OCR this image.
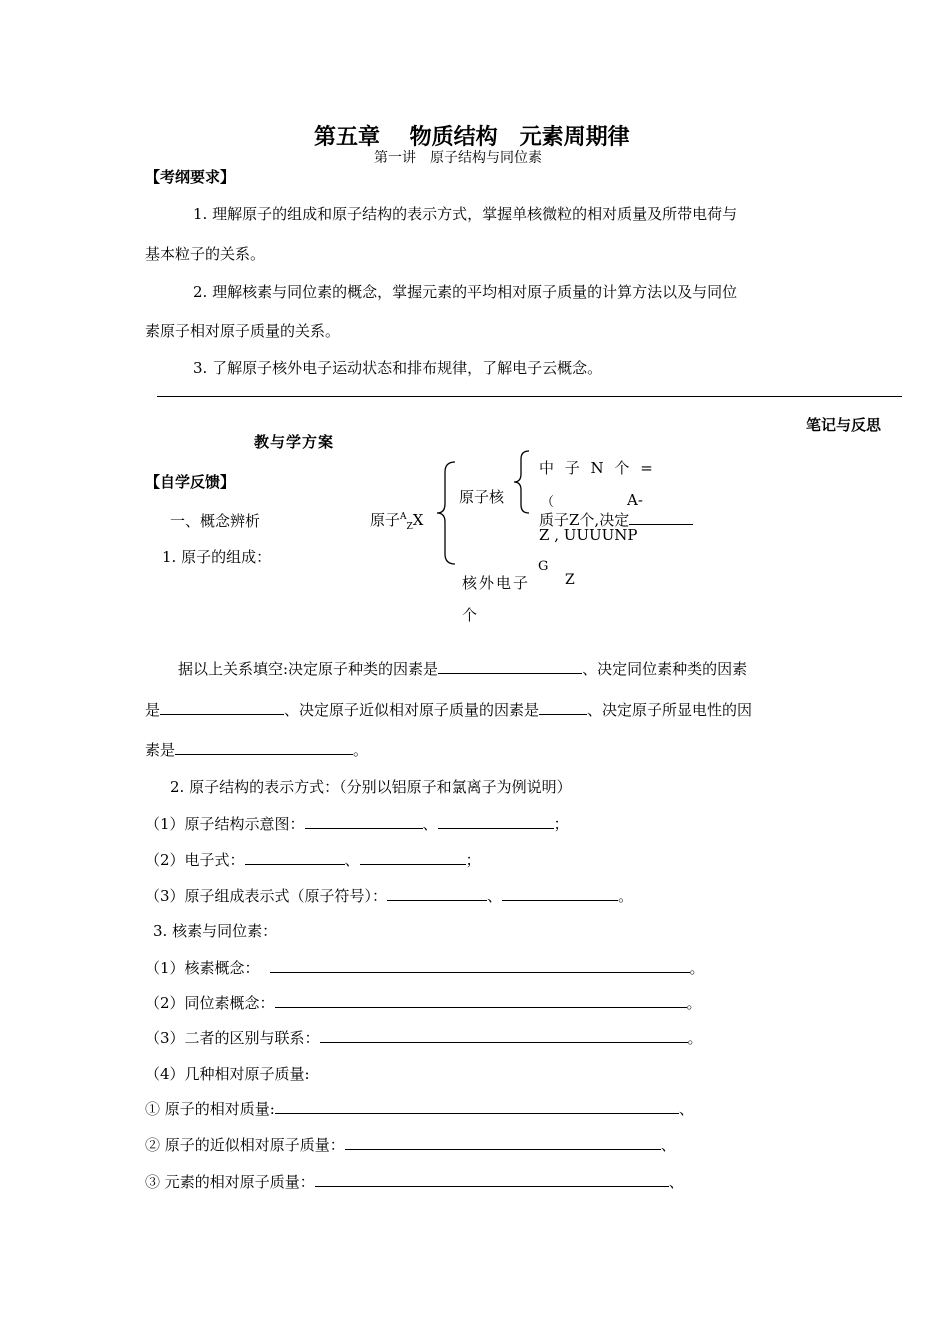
第五章　 物质结构　元素周期律
第一讲　原子结构与同位素
【考纲要求】
1. 理解原子的组成和原子结构的表示方式，掌握单核微粒的相对质量及所带电荷与
基本粒子的关系。
2. 理解核素与同位素的概念，掌握元素的平均相对原子质量的计算方法以及与同位
素原子相对原子质量的关系。
3. 了解原子核外电子运动状态和排布规律，了解电子云概念。
笔记与反思
教与学方案
【自学反馈】
一、概念辨析
1. 原子的组成：
原子$^A_Z$X
原子核
中 子 N 个 =
（	A-
质子Z个,决定
Z , UUUUNP
核外电子
G
Z
个
据以上关系填空:决定原子种类的因素是	、决定同位素种类的因素
是	、决定原子近似相对原子质量的因素是	、决定原子所显电性的因
素是	。
2. 原子结构的表示方式：（分别以铝原子和氯离子为例说明）
（1）原子结构示意图：	、	；
（2）电子式：	、	；
（3）原子组成表示式（原子符号）：	、	。
3. 核素与同位素：
（1）核素概念：	。
（2）同位素概念：	。
（3）二者的区别与联系：	。
（4）几种相对原子质量:
① 原子的相对质量:	、
② 原子的近似相对原子质量：	、
③ 元素的相对原子质量：	、
